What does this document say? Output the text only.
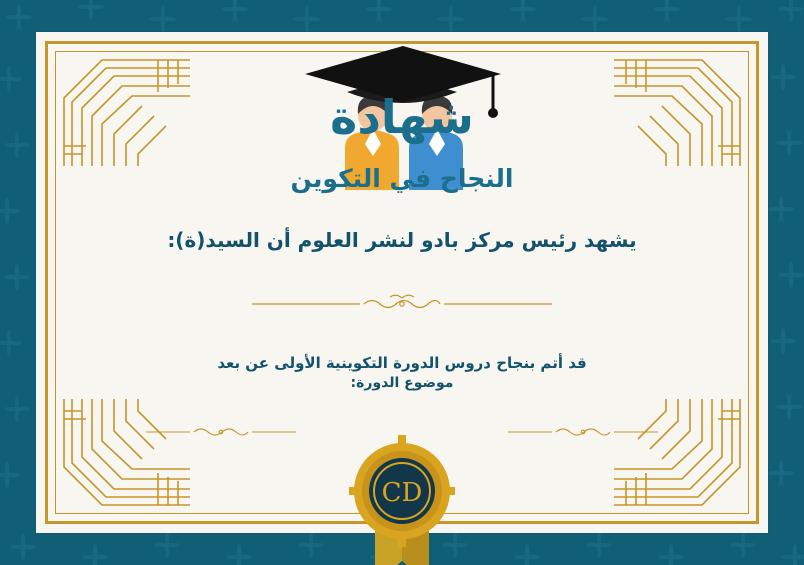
شهادة
النجاح في التكوين
يشهد رئيس مركز بادو لنشر العلوم أن السيد(ة):
قد أتم بنجاح دروس الدورة التكوينية الأولى عن بعد
موضوع الدورة:
CD
